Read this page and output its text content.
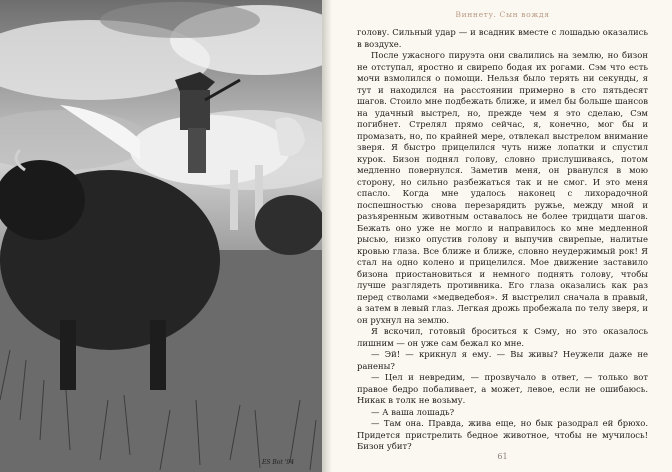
ES Bot '94
Виннету. Сын вождя

голову. Сильный удар — и всадник вместе с лошадью оказались в воздухе.

После ужасного пируэта они свалились на землю, но бизон не отступал, яростно и свирепо бодая их рогами. Сэм что есть мочи взмолился о помощи. Нельзя было терять ни секунды, я тут и находился на расстоянии примерно в сто пятьдесят шагов. Стоило мне подбежать ближе, и имел бы больше шансов на удачный выстрел, но, прежде чем я это сделаю, Сэм погибнет. Стрелял прямо сейчас, я, конечно, мог бы и промазать, но, по крайней мере, отвлекал выстрелом внимание зверя. Я быстро прицелился чуть ниже лопатки и спустил курок. Бизон поднял голову, словно прислушиваясь, потом медленно повернулся. Заметив меня, он рванулся в мою сторону, но сильно разбежаться так и не смог. И это меня спасло. Когда мне удалось наконец с лихорадочной поспешностью снова перезарядить ружье, между мной и разъяренным животным оставалось не более тридцати шагов. Бежать оно уже не могло и направилось ко мне медленной рысью, низко опустив голову и выпучив свирепые, налитые кровью глаза. Все ближе и ближе, словно неудержимый рок! Я стал на одно колено и прицелился. Мое движение заставило бизона приостановиться и немного поднять голову, чтобы лучше разглядеть противника. Его глаза оказались как раз перед стволами «медведебоя». Я выстрелил сначала в правый, а затем в левый глаз. Легкая дрожь пробежала по телу зверя, и он рухнул на землю.

Я вскочил, готовый броситься к Сэму, но это оказалось лишним — он уже сам бежал ко мне.

— Эй! — крикнул я ему. — Вы живы? Неужели даже не ранены?

— Цел и невредим, — прозвучало в ответ, — только вот правое бедро побаливает, а может, левое, если не ошибаюсь. Никак в толк не возьму.

— А ваша лошадь?

— Там она. Правда, жива еще, но бык разодрал ей брюхо. Придется пристрелить бедное животное, чтобы не мучилось! Бизон убит?

61
